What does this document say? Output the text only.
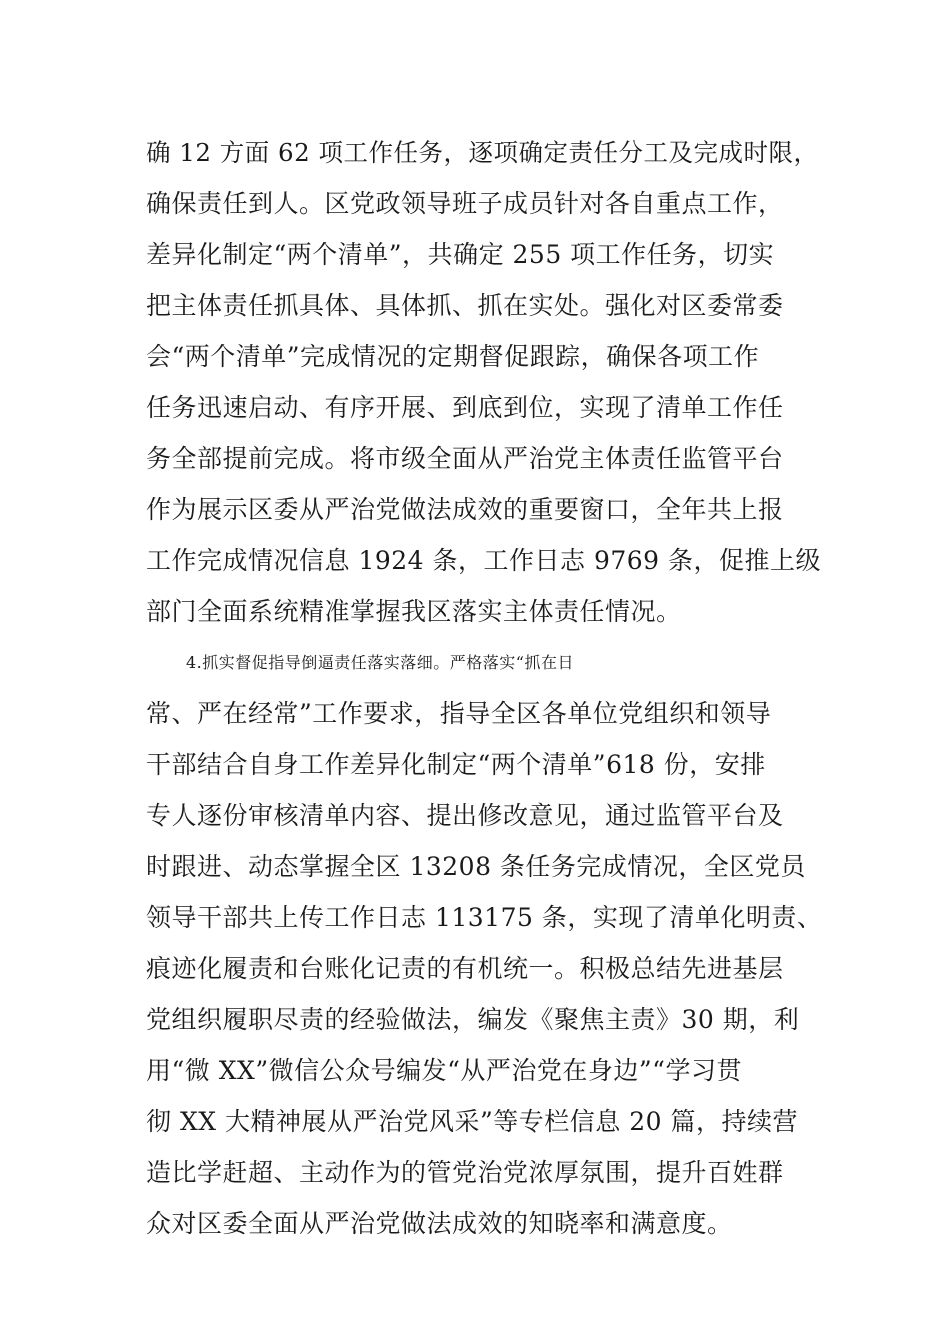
确 12 方面 62 项工作任务，逐项确定责任分工及完成时限，
确保责任到人。区党政领导班子成员针对各自重点工作，
差异化制定“两个清单”，共确定 255 项工作任务，切实
把主体责任抓具体、具体抓、抓在实处。强化对区委常委
会“两个清单”完成情况的定期督促跟踪，确保各项工作
任务迅速启动、有序开展、到底到位，实现了清单工作任
务全部提前完成。将市级全面从严治党主体责任监管平台
作为展示区委从严治党做法成效的重要窗口，全年共上报
工作完成情况信息 1924 条，工作日志 9769 条，促推上级
部门全面系统精准掌握我区落实主体责任情况。
4.抓实督促指导倒逼责任落实落细。严格落实“抓在日
常、严在经常”工作要求，指导全区各单位党组织和领导
干部结合自身工作差异化制定“两个清单”618 份，安排
专人逐份审核清单内容、提出修改意见，通过监管平台及
时跟进、动态掌握全区 13208 条任务完成情况，全区党员
领导干部共上传工作日志 113175 条，实现了清单化明责、
痕迹化履责和台账化记责的有机统一。积极总结先进基层
党组织履职尽责的经验做法，编发《聚焦主责》30 期，利
用“微 XX”微信公众号编发“从严治党在身边”“学习贯
彻 XX 大精神展从严治党风采”等专栏信息 20 篇，持续营
造比学赶超、主动作为的管党治党浓厚氛围，提升百姓群
众对区委全面从严治党做法成效的知晓率和满意度。
